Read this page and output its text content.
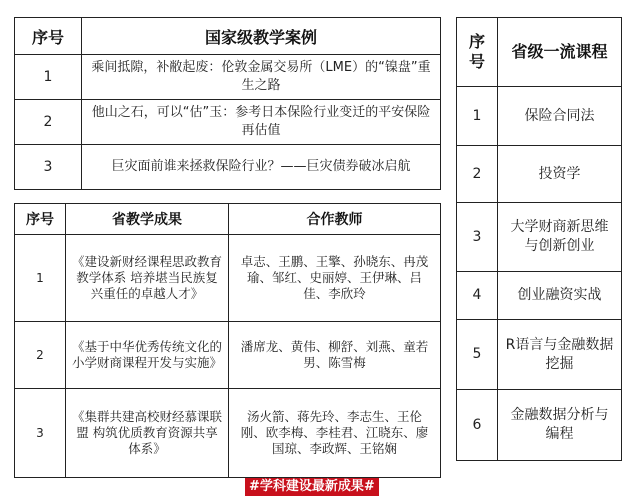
序号	国家级教学案例
1	乘间抵隙，补敝起废：伦敦金属交易所（LME）的“镍盘”重生之路
2	他山之石，可以“估”玉：参考日本保险行业变迁的平安保险再估值
3	巨灾面前谁来拯救保险行业？——巨灾债券破冰启航
序号	省教学成果	合作教师
1	《建设新财经课程思政教育教学体系 培养堪当民族复兴重任的卓越人才》	卓志、王鹏、王擎、孙晓东、冉茂瑜、邹红、史丽婷、王伊琳、吕佳、李欣玲
2	《基于中华优秀传统文化的小学财商课程开发与实施》	潘席龙、黄伟、柳舒、刘燕、童若男、陈雪梅
3	《集群共建高校财经慕课联盟 构筑优质教育资源共享体系》	汤火箭、蒋先玲、李志生、王伦刚、欧李梅、李桂君、江晓东、廖国琼、李政辉、王铭娴
序号	省级一流课程
1	保险合同法
2	投资学
3	大学财商新思维与创新创业
4	创业融资实战
5	R语言与金融数据挖掘
6	金融数据分析与编程
#学科建设最新成果#
